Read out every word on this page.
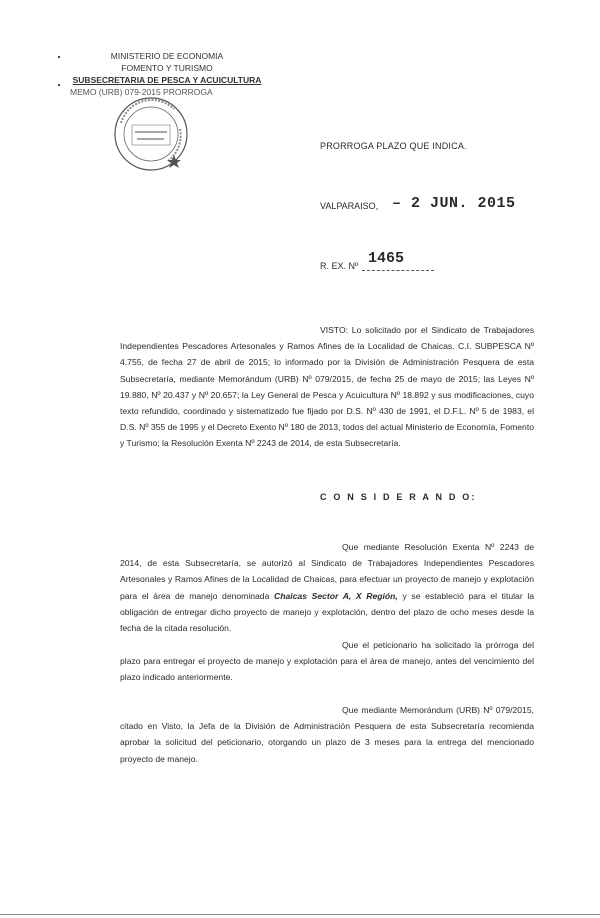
MINISTERIO DE ECONOMIA
FOMENTO Y TURISMO
SUBSECRETARIA DE PESCA Y ACUICULTURA
MEMO (URB) 079-2015 PRORROGA
PRORROGA PLAZO QUE INDICA.
VALPARAISO, – 2 JUN. 2015
R. EX. Nº 1465
VISTO: Lo solicitado por el Sindicato de Trabajadores Independientes Pescadores Artesonales y Ramos Afines de la Localidad de Chaicas. C.I. SUBPESCA Nº 4.755, de fecha 27 de abril de 2015; lo informado por la División de Administración Pesquera de esta Subsecretaría, mediante Memorándum (URB) Nº 079/2015, de fecha 25 de mayo de 2015; las Leyes Nº 19.880, Nº 20.437 y Nº 20.657; la Ley General de Pesca y Acuicultura Nº 18.892 y sus modificaciones, cuyo texto refundido, coordinado y sistematizado fue fijado por D.S. Nº 430 de 1991, el D.F.L. Nº 5 de 1983, el D.S. Nº 355 de 1995 y el Decreto Exento Nº 180 de 2013, todos del actual Ministerio de Economía, Fomento y Turismo; la Resolución Exenta Nº 2243 de 2014, de esta Subsecretaría.
C O N S I D E R A N D O:
Que mediante Resolución Exenta Nº 2243 de 2014, de esta Subsecretaría, se autorizó al Sindicato de Trabajadores Independientes Pescadores Artesonales y Ramos Afines de la Localidad de Chaicas, para efectuar un proyecto de manejo y explotación para el área de manejo denominada Chaicas Sector A, X Región, y se estableció para el titular la obligación de entregar dicho proyecto de manejo y explotación, dentro del plazo de ocho meses desde la fecha de la citada resolución.
Que el peticionario ha solicitado la prórroga del plazo para entregar el proyecto de manejo y explotación para el área de manejo, antes del vencimiento del plazo indicado anteriormente.
Que mediante Memorándum (URB) Nº 079/2015, citado en Visto, la Jefa de la División de Administración Pesquera de esta Subsecretaría recomienda aprobar la solicitud del peticionario, otorgando un plazo de 3 meses para la entrega del mencionado proyecto de manejo.
